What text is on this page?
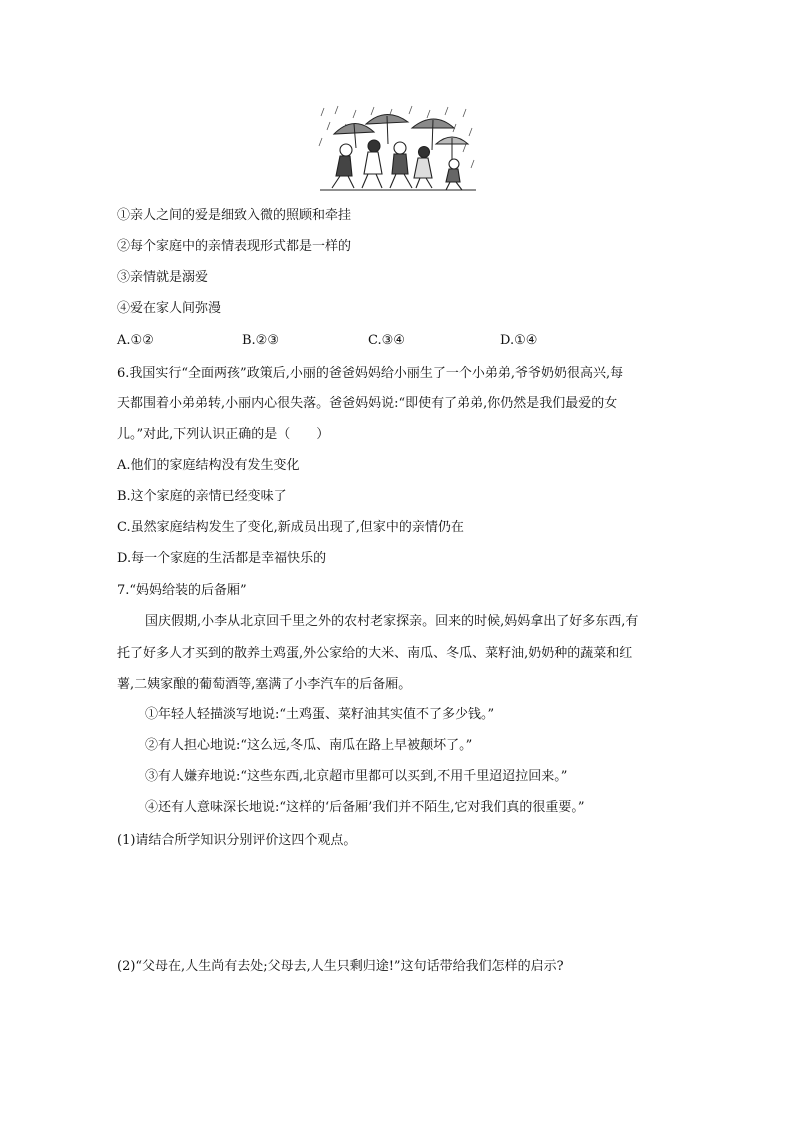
①亲人之间的爱是细致入微的照顾和牵挂
②每个家庭中的亲情表现形式都是一样的
③亲情就是溺爱
④爱在家人间弥漫
A.①②	B.②③	C.③④	D.①④
6.我国实行“全面两孩”政策后,小丽的爸爸妈妈给小丽生了一个小弟弟,爷爷奶奶很高兴,每
天都围着小弟弟转,小丽内心很失落。爸爸妈妈说:“即使有了弟弟,你仍然是我们最爱的女
儿。”对此,下列认识正确的是（　　）
A.他们的家庭结构没有发生变化
B.这个家庭的亲情已经变味了
C.虽然家庭结构发生了变化,新成员出现了,但家中的亲情仍在
D.每一个家庭的生活都是幸福快乐的
7.“妈妈给装的后备厢”
国庆假期,小李从北京回千里之外的农村老家探亲。回来的时候,妈妈拿出了好多东西,有
托了好多人才买到的散养土鸡蛋,外公家给的大米、南瓜、冬瓜、菜籽油,奶奶种的蔬菜和红
薯,二姨家酿的葡萄酒等,塞满了小李汽车的后备厢。
①年轻人轻描淡写地说:“土鸡蛋、菜籽油其实值不了多少钱。”
②有人担心地说:“这么远,冬瓜、南瓜在路上早被颠坏了。”
③有人嫌弃地说:“这些东西,北京超市里都可以买到,不用千里迢迢拉回来。”
④还有人意味深长地说:“这样的‘后备厢’我们并不陌生,它对我们真的很重要。”
(1)请结合所学知识分别评价这四个观点。
(2)“父母在,人生尚有去处;父母去,人生只剩归途!”这句话带给我们怎样的启示?
